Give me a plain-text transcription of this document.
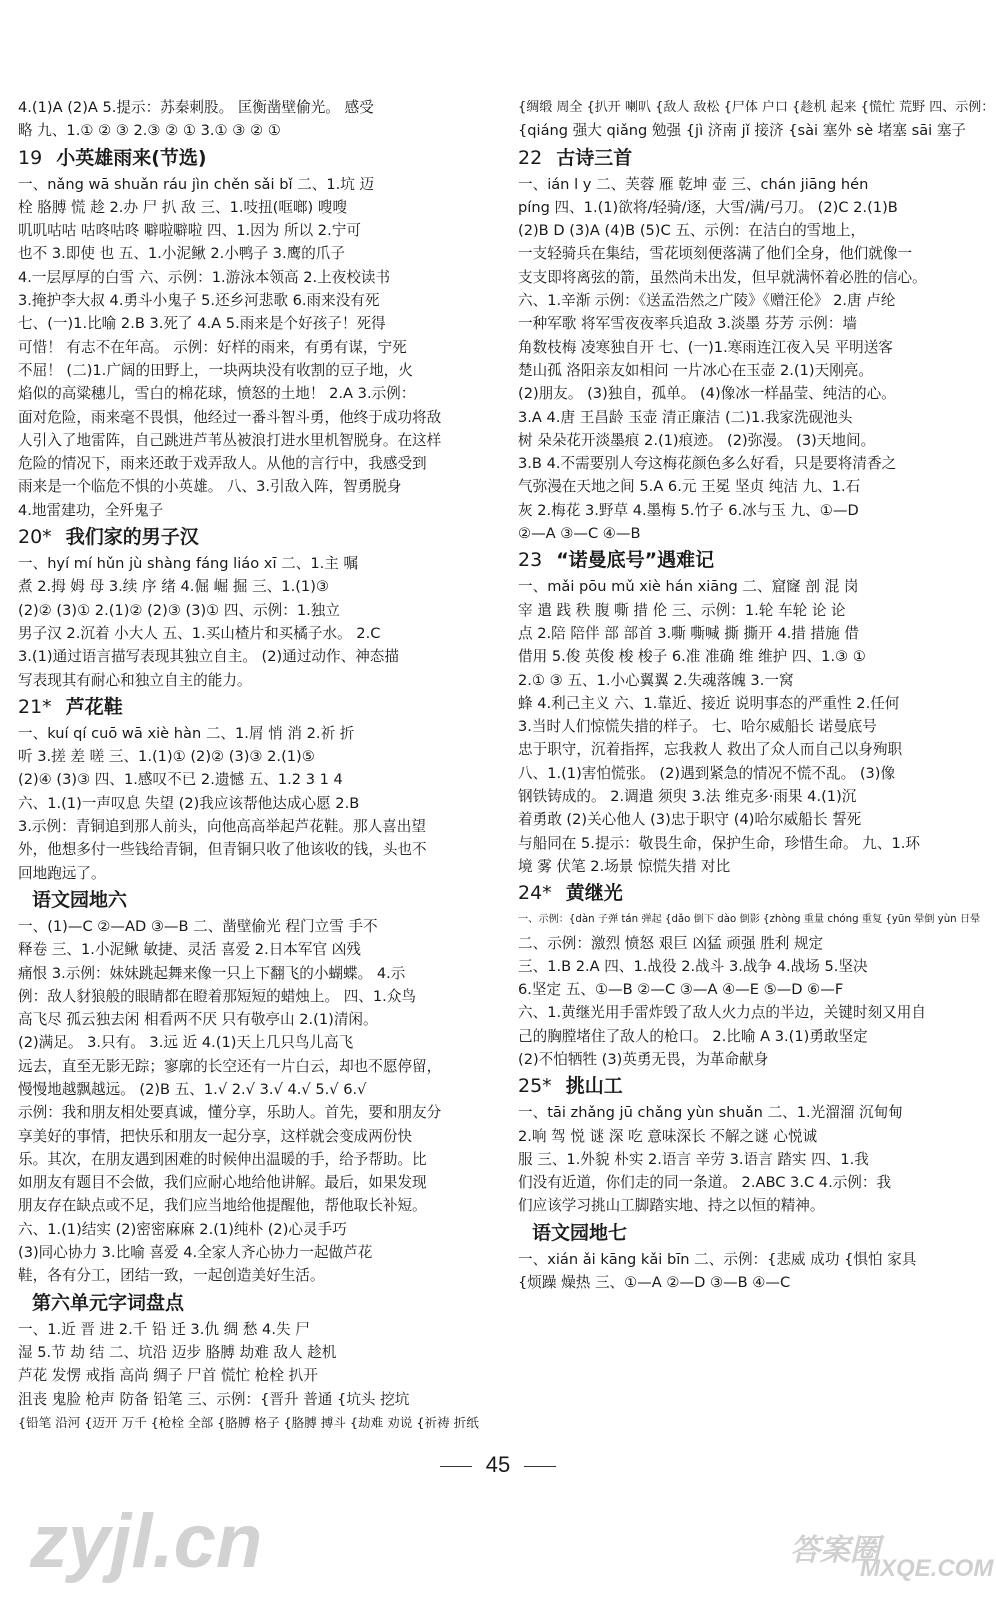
4.(1)A (2)A 5.提示：苏秦刺股。 匡衡凿壁偷光。 感受

略 九、1.① ② ③ 2.③ ② ① 3.① ③ ② ①

19 小英雄雨来(节选)

一、nǎng wā shuǎn ráu jìn chěn sǎi bǐ 二、1.坑 迈

栓 胳膊 慌 趁 2.办 尸 扒 敌 三、1.吱扭(哐啷) 嗖嗖

叽叽咕咕 咕咚咕咚 噼啦噼啦 四、1.因为 所以 2.宁可

也不 3.即使 也 五、1.小泥鳅 2.小鸭子 3.鹰的爪子

4.一层厚厚的白雪 六、示例：1.游泳本领高 2.上夜校读书

3.掩护李大叔 4.勇斗小鬼子 5.还乡河悲歌 6.雨来没有死

七、(一)1.比喻 2.B 3.死了 4.A 5.雨来是个好孩子！死得

可惜！ 有志不在年高。 示例：好样的雨来，有勇有谋，宁死

不屈！ (二)1.广阔的田野上，一块两块没有收割的豆子地，火

焰似的高粱穗儿，雪白的棉花球，愤怒的土地！ 2.A 3.示例：

面对危险，雨来毫不畏惧，他经过一番斗智斗勇，他终于成功将敌

人引入了地雷阵，自己跳进芦苇丛被浪打进水里机智脱身。在这样

危险的情况下，雨来还敢于戏弄敌人。从他的言行中，我感受到

雨来是一个临危不惧的小英雄。 八、3.引敌入阵，智勇脱身

4.地雷建功，全歼鬼子

20* 我们家的男子汉

一、hyí mí hǔn jù shàng fáng liáo xī 二、1.主 嘱

煮 2.拇 姆 母 3.续 序 绪 4.倔 崛 掘 三、1.(1)③

(2)② (3)① 2.(1)② (2)③ (3)① 四、示例：1.独立

男子汉 2.沉着 小大人 五、1.买山楂片和买橘子水。 2.C

3.(1)通过语言描写表现其独立自主。 (2)通过动作、神态描

写表现其有耐心和独立自主的能力。

21* 芦花鞋

一、kuí qí cuō wā xiè hàn 二、1.屑 悄 消 2.祈 折

听 3.搓 差 嗟 三、1.(1)① (2)② (3)③ 2.(1)⑤

(2)④ (3)③ 四、1.感叹不已 2.遗憾 五、1.2 3 1 4

六、1.(1)一声叹息 失望 (2)我应该帮他达成心愿 2.B

3.示例：青铜追到那人前头，向他高高举起芦花鞋。那人喜出望

外，他想多付一些钱给青铜，但青铜只收了他该收的钱，头也不

回地跑远了。

语文园地六

一、(1)—C ②—AD ③—B 二、凿壁偷光 程门立雪 手不

释卷 三、1.小泥鳅 敏捷、灵活 喜爱 2.日本军官 凶残

痛恨 3.示例：妹妹跳起舞来像一只上下翻飞的小蝴蝶。 4.示

例：敌人豺狼般的眼睛都在瞪着那短短的蜡烛上。 四、1.众鸟

高飞尽 孤云独去闲 相看两不厌 只有敬亭山 2.(1)清闲。

(2)满足。 3.只有。 3.远 近 4.(1)天上几只鸟儿高飞

远去，直至无影无踪；寥廓的长空还有一片白云，却也不愿停留，

慢慢地越飘越远。 (2)B 五、1.√ 2.√ 3.√ 4.√ 5.√ 6.√

示例：我和朋友相处要真诚，懂分享，乐助人。首先，要和朋友分

享美好的事情，把快乐和朋友一起分享，这样就会变成两份快

乐。其次，在朋友遇到困难的时候伸出温暖的手，给予帮助。比

如朋友有题目不会做，我们应耐心地给他讲解。最后，如果发现

朋友存在缺点或不足，我们应当地给他提醒他，帮他取长补短。

六、1.(1)结实 (2)密密麻麻 2.(1)纯朴 (2)心灵手巧

(3)同心协力 3.比喻 喜爱 4.全家人齐心协力一起做芦花

鞋，各有分工，团结一致，一起创造美好生活。

第六单元字词盘点

一、1.近 晋 进 2.千 铅 迁 3.仇 绸 愁 4.失 尸

湿 5.节 劫 结 二、坑沿 迈步 胳膊 劫难 敌人 趁机

芦花 发愣 戒指 高尚 绸子 尸首 慌忙 枪栓 扒开

沮丧 鬼脸 枪声 防备 铅笔 三、示例：{晋升 普通 {坑头 挖坑

{铅笔 沿河 {迈开 万千 {枪栓 全部 {胳膊 格子 {胳膊 搏斗 {劫难 劝说 {祈祷 折纸

{绸缎 周全 {扒开 喇叭 {敌人 敌松 {尸体 户口 {趁机 起来 {慌忙 荒野 四、示例：

{qiáng 强大 qiǎng 勉强 {jì 济南 jǐ 接济 {sài 塞外 sè 堵塞 sāi 塞子

22 古诗三首

一、ián l y 二、芙蓉 雁 乾坤 壶 三、chán jiāng hén

píng 四、1.(1)欲将/轻骑/逐，大雪/满/弓刀。 (2)C 2.(1)B

(2)B D (3)A (4)B (5)C 五、示例：在洁白的雪地上，

一支轻骑兵在集结，雪花顷刻便落满了他们全身，他们就像一

支支即将离弦的箭，虽然尚未出发，但早就满怀着必胜的信心。

六、1.辛渐 示例：《送孟浩然之广陵》《赠汪伦》 2.唐 卢纶

一种军歌 将军雪夜夜率兵追敌 3.淡墨 芬芳 示例：墙

角数枝梅 凌寒独自开 七、(一)1.寒雨连江夜入吴 平明送客

楚山孤 洛阳亲友如相问 一片冰心在玉壶 2.(1)天刚亮。

(2)朋友。 (3)独自，孤单。 (4)像冰一样晶莹、纯洁的心。

3.A 4.唐 王昌龄 玉壶 清正廉洁 (二)1.我家洗砚池头

树 朵朵花开淡墨痕 2.(1)痕迹。 (2)弥漫。 (3)天地间。

3.B 4.不需要别人夸这梅花颜色多么好看，只是要将清香之

气弥漫在天地之间 5.A 6.元 王冕 坚贞 纯洁 九、1.石

灰 2.梅花 3.野草 4.墨梅 5.竹子 6.冰与玉 九、①—D

②—A ③—C ④—B

23 “诺曼底号”遇难记

一、mǎi pōu mǔ xiè hán xiāng 二、窟窿 剖 混 岗

宰 遣 践 秩 腹 嘶 措 伦 三、示例：1.轮 车轮 论 论

点 2.陪 陪伴 部 部首 3.嘶 嘶喊 撕 撕开 4.措 措施 借

借用 5.俊 英俊 梭 梭子 6.准 准确 维 维护 四、1.③ ①

2.① ③ 五、1.小心翼翼 2.失魂落魄 3.一窝

蜂 4.利己主义 六、1.靠近、接近 说明事态的严重性 2.任何

3.当时人们惊慌失措的样子。 七、哈尔威船长 诺曼底号

忠于职守，沉着指挥，忘我救人 救出了众人而自己以身殉职

八、1.(1)害怕慌张。 (2)遇到紧急的情况不慌不乱。 (3)像

钢铁铸成的。 2.调遣 须臾 3.法 维克多·雨果 4.(1)沉

着勇敢 (2)关心他人 (3)忠于职守 (4)哈尔威船长 誓死

与船同在 5.提示：敬畏生命，保护生命，珍惜生命。 九、1.环

境 雾 伏笔 2.场景 惊慌失措 对比

24* 黄继光

一、示例：{dàn 子弹 tán 弹起 {dǎo 倒下 dào 倒影 {zhòng 重量 chóng 重复 {yūn 晕倒 yùn 日晕

二、示例：激烈 愤怒 艰巨 凶猛 顽强 胜利 规定

三、1.B 2.A 四、1.战役 2.战斗 3.战争 4.战场 5.坚决

6.坚定 五、①—B ②—C ③—A ④—E ⑤—D ⑥—F

六、1.黄继光用手雷炸毁了敌人火力点的半边，关键时刻又用自

己的胸膛堵住了敌人的枪口。 2.比喻 A 3.(1)勇敢坚定

(2)不怕牺牲 (3)英勇无畏，为革命献身

25* 挑山工

一、tāi zhǎng jū chǎng yùn shuǎn 二、1.光溜溜 沉甸甸

2.响 驾 悦 谜 深 吃 意味深长 不解之谜 心悦诚

服 三、1.外貌 朴实 2.语言 辛劳 3.语言 踏实 四、1.我

们没有近道，你们走的同一条道。 2.ABC 3.C 4.示例：我

们应该学习挑山工脚踏实地、持之以恒的精神。

语文园地七

一、xián ǎi kāng kǎi bīn 二、示例：{悲威 成功 {惧怕 家具

{烦躁 燥热 三、①—A ②—D ③—B ④—C

45
zyjl.cn	答案圈
MXQE.COM
